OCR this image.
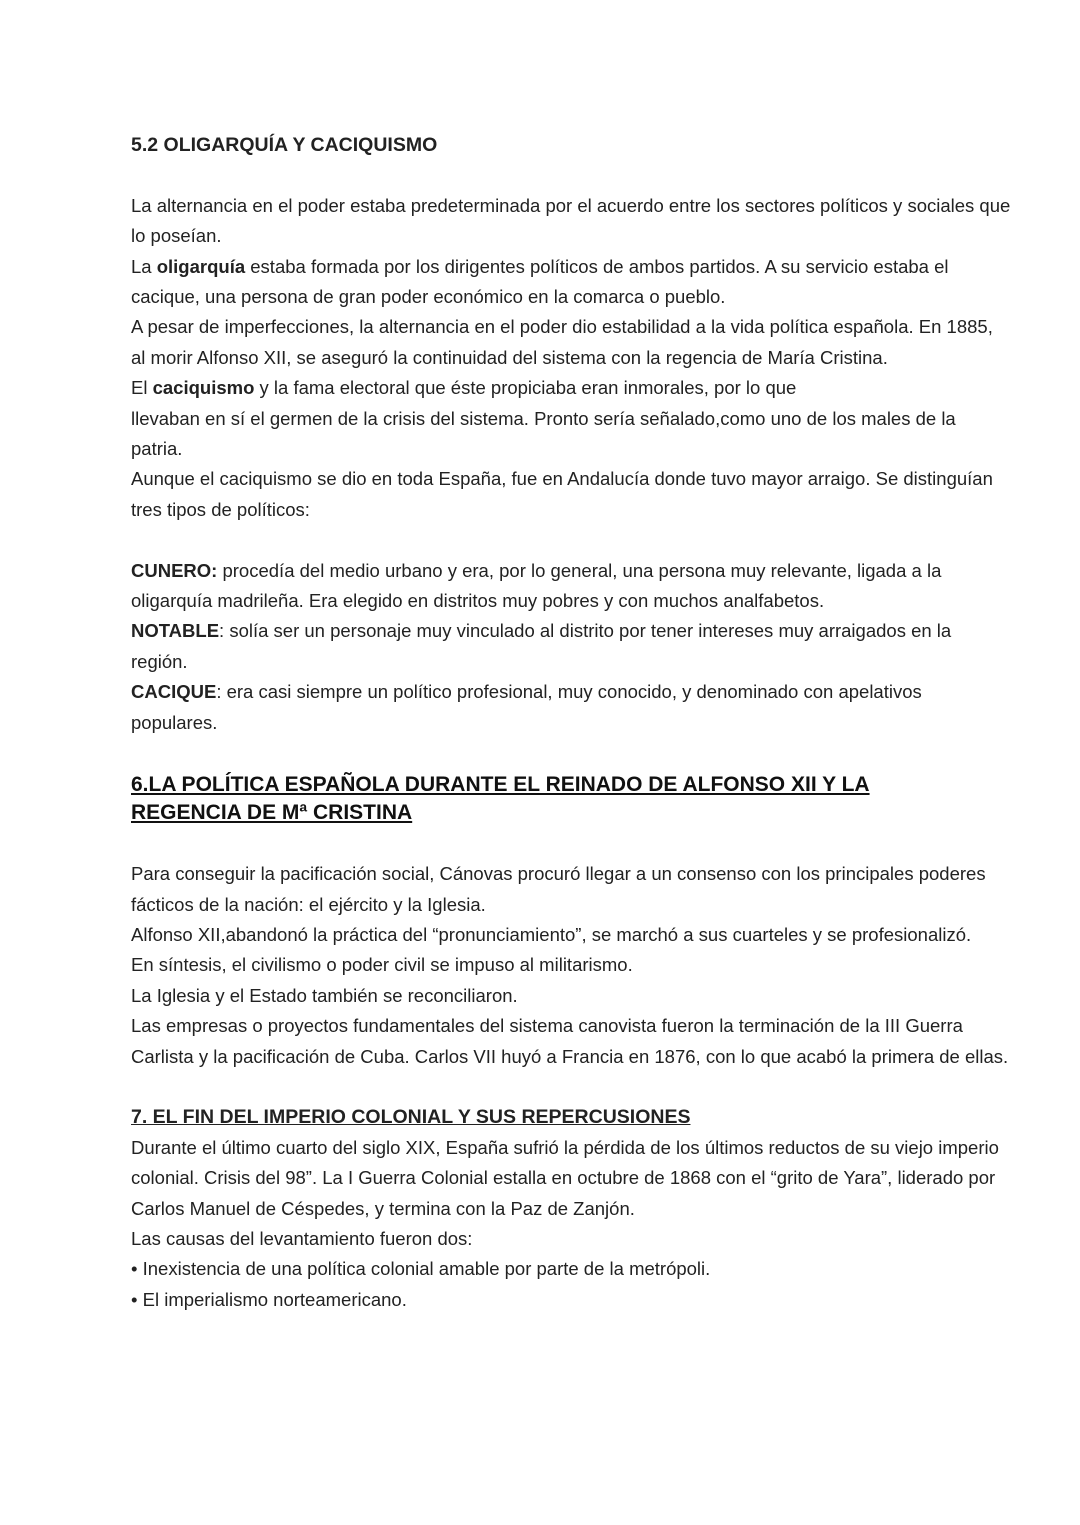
5.2 OLIGARQUÍA Y CACIQUISMO

La alternancia en el poder estaba predeterminada por el acuerdo entre los sectores políticos y sociales que lo poseían.

La oligarquía estaba formada por los dirigentes políticos de ambos partidos. A su servicio estaba el cacique, una persona de gran poder económico en la comarca o pueblo.

A pesar de imperfecciones, la alternancia en el poder dio estabilidad a la vida política española. En 1885, al morir Alfonso XII, se aseguró la continuidad del sistema con la regencia de María Cristina.

El caciquismo y la fama electoral que éste propiciaba eran inmorales, por lo que

llevaban en sí el germen de la crisis del sistema. Pronto sería señalado,como uno de los males de la patria.

Aunque el caciquismo se dio en toda España, fue en Andalucía donde tuvo mayor arraigo. Se distinguían tres tipos de políticos:

CUNERO: procedía del medio urbano y era, por lo general, una persona muy relevante, ligada a la oligarquía madrileña. Era elegido en distritos muy pobres y con muchos analfabetos.

NOTABLE: solía ser un personaje muy vinculado al distrito por tener intereses muy arraigados en la región.

CACIQUE: era casi siempre un político profesional, muy conocido, y denominado con apelativos populares.

6.LA POLÍTICA ESPAÑOLA DURANTE EL REINADO DE ALFONSO XII Y LA
REGENCIA DE Mª CRISTINA

Para conseguir la pacificación social, Cánovas procuró llegar a un consenso con los principales poderes fácticos de la nación: el ejército y la Iglesia.

Alfonso XII,abandonó la práctica del “pronunciamiento”, se marchó a sus cuarteles y se profesionalizó.

En síntesis, el civilismo o poder civil se impuso al militarismo.

La Iglesia y el Estado también se reconciliaron.

Las empresas o proyectos fundamentales del sistema canovista fueron la terminación de la III Guerra Carlista y la pacificación de Cuba. Carlos VII huyó a Francia en 1876, con lo que acabó la primera de ellas.

7. EL FIN DEL IMPERIO COLONIAL Y SUS REPERCUSIONES

Durante el último cuarto del siglo XIX, España sufrió la pérdida de los últimos reductos de su viejo imperio colonial. Crisis del 98”. La I Guerra Colonial estalla en octubre de 1868 con el “grito de Yara”, liderado por Carlos Manuel de Céspedes, y termina con la Paz de Zanjón.

Las causas del levantamiento fueron dos:

• Inexistencia de una política colonial amable por parte de la metrópoli.

• El imperialismo norteamericano.
